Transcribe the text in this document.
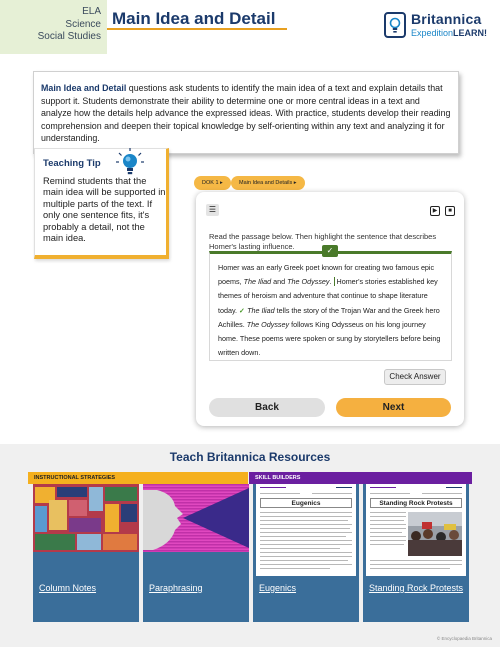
ELA
Science
Social Studies
Main Idea and Detail	Britannica
ExpeditionLEARN!
Main Idea and Detail questions ask students to identify the main idea of a text and explain details that support it. Students demonstrate their ability to determine one or more central ideas in a text and analyze how the details help advance the expressed ideas. With practice, students develop their reading comprehension and deepen their topical knowledge by self-orienting within any text and analyzing it for understanding.
Teaching Tip
Remind students that the main idea will be supported in multiple parts of the text. If only one sentence fits, it's probably a detail, not the main idea.
DOK 1 ▸	Main Idea and Details ▸
☰	▶	■
Read the passage below. Then highlight the sentence that describes Homer's lasting influence.
Homer was an early Greek poet known for creating two famous epic poems, The Iliad and The Odyssey. Homer's stories established key themes of heroism and adventure that continue to shape literature today. ✓ The Iliad tells the story of the Trojan War and the Greek hero Achilles. The Odyssey follows King Odysseus on his long journey home. These poems were spoken or sung by storytellers before being written down.
✓
Check Answer
Back	Next
Teach Britannica Resources
INSTRUCTIONAL STRATEGIES	SKILL BUILDERS
Column Notes	Paraphrasing
Eugenics
Eugenics
Standing Rock Protests
Standing Rock Protests
© Encyclopaedia Britannica
